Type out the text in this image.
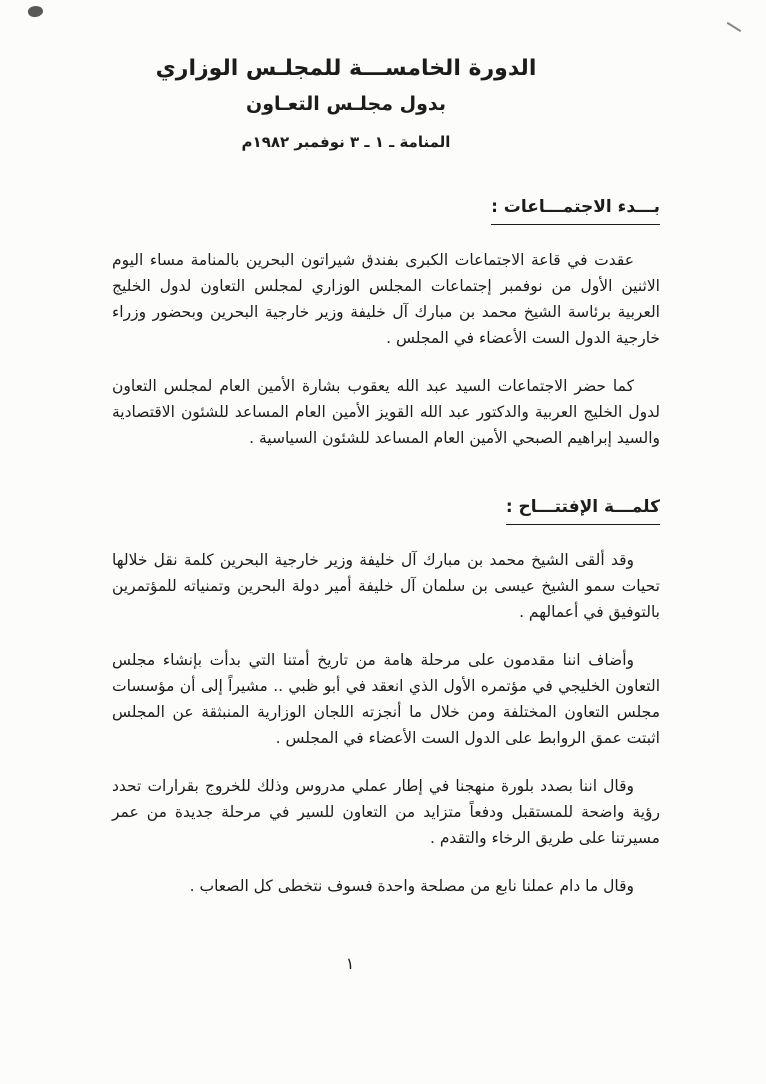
الدورة الخامســـة للمجلـس الوزاري
بدول مجلـس التعـاون
المنامة ـ ١ ـ ٣ نوفمبر ١٩٨٢م
بـــدء الاجتمـــاعات :

عقدت في قاعة الاجتماعات الكبرى بفندق شيراتون البحرين بالمنامة مساء اليوم الاثنين الأول من نوفمبر إجتماعات المجلس الوزاري لمجلس التعاون لدول الخليج العربية برئاسة الشيخ محمد بن مبارك آل خليفة وزير خارجية البحرين وبحضور وزراء خارجية الدول الست الأعضاء في المجلس .

كما حضر الاجتماعات السيد عبد الله يعقوب بشارة الأمين العام لمجلس التعاون لدول الخليج العربية والدكتور عبد الله القويز الأمين العام المساعد للشئون الاقتصادية والسيد إبراهيم الصبحي الأمين العام المساعد للشئون السياسية .

كلمـــة الإفتتـــاح :

وقد ألقى الشيخ محمد بن مبارك آل خليفة وزير خارجية البحرين كلمة نقل خلالها تحيات سمو الشيخ عيسى بن سلمان آل خليفة أمير دولة البحرين وتمنياته للمؤتمرين بالتوفيق في أعمالهم .

وأضاف اننا مقدمون على مرحلة هامة من تاريخ أمتنا التي بدأت بإنشاء مجلس التعاون الخليجي في مؤتمره الأول الذي انعقد في أبو ظبي .. مشيراً إلى أن مؤسسات مجلس التعاون المختلفة ومن خلال ما أنجزته اللجان الوزارية المنبثقة عن المجلس اثبتت عمق الروابط على الدول الست الأعضاء في المجلس .

وقال اننا بصدد بلورة منهجنا في إطار عملي مدروس وذلك للخروج بقرارات تحدد رؤية واضحة للمستقبل ودفعاً متزايد من التعاون للسير في مرحلة جديدة من عمر مسيرتنا على طريق الرخاء والتقدم .

وقال ما دام عملنا نابع من مصلحة واحدة فسوف نتخطى كل الصعاب .

١
